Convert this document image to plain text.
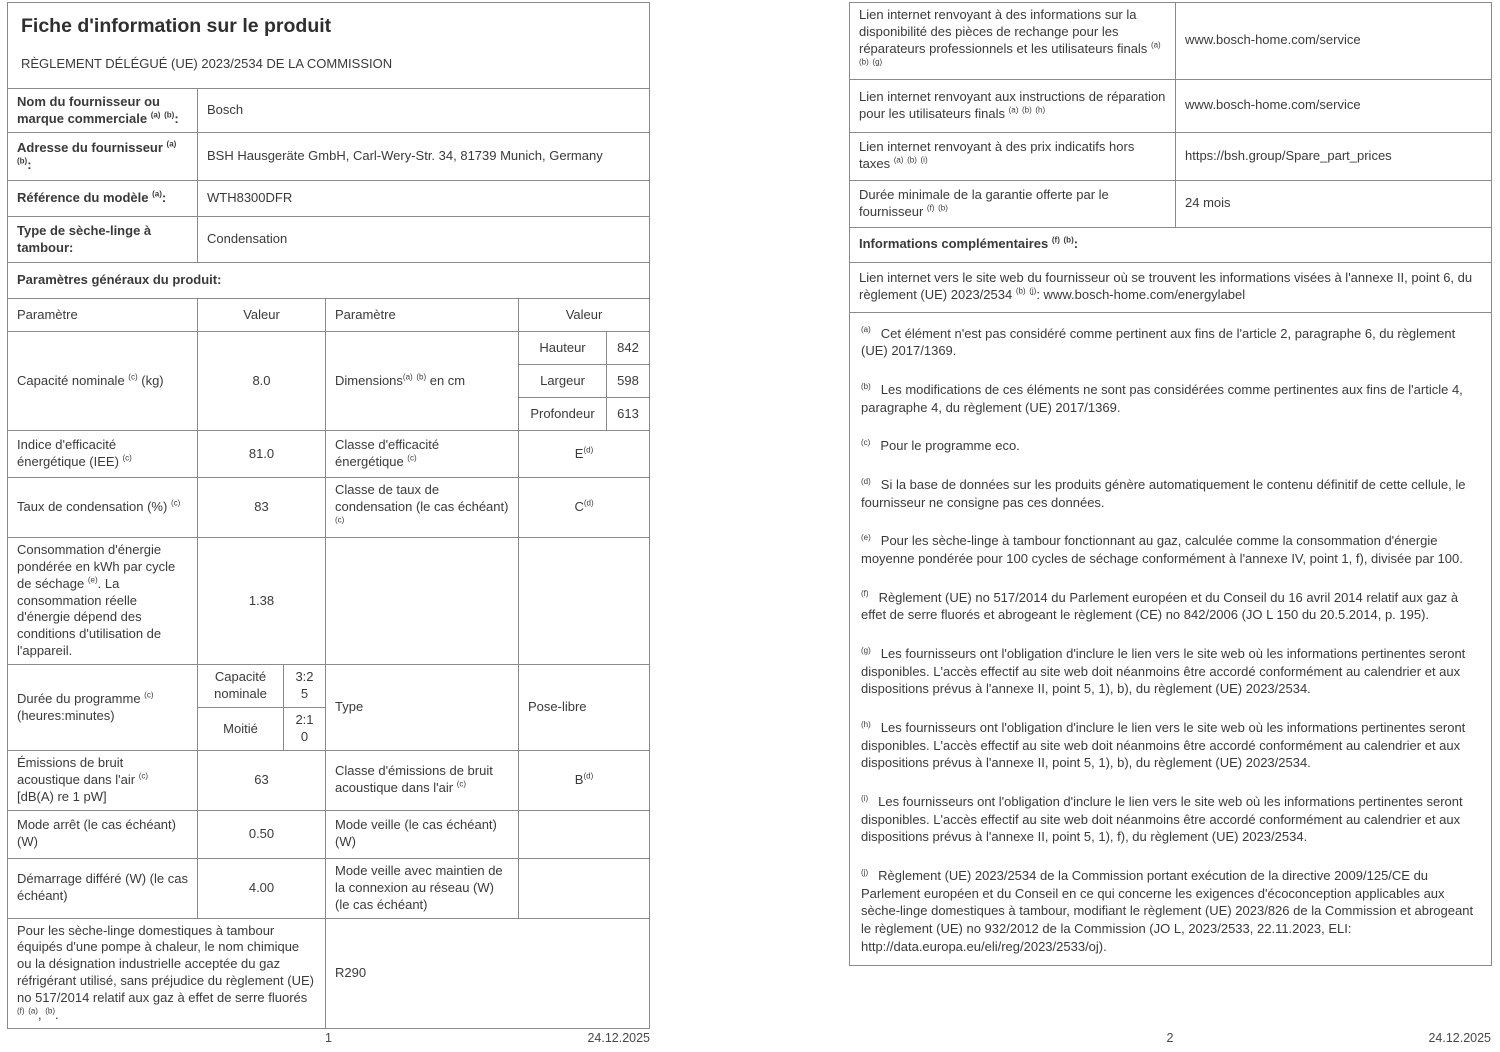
Fiche d'information sur le produit
RÈGLEMENT DÉLÉGUÉ (UE) 2023/2534 DE LA COMMISSION

Nom du fournisseur ou marque commerciale $^{(a)}$ $^{(b)}$:	Bosch				
Adresse du fournisseur $^{(a)}$ $^{(b)}$:	BSH Hausgeräte GmbH, Carl-Wery-Str. 34, 81739 Munich, Germany				
Référence du modèle $^{(a)}$:	WTH8300DFR				
Type de sèche-linge à tambour:	Condensation				
Paramètres généraux du produit:					
Paramètre	Valeur		Paramètre	Valeur	
Capacité nominale $^{(c)}$ (kg)	8.0		Dimensions$^{(a)}$ $^{(b)}$ en cm	Hauteur	842
				Largeur	598
				Profondeur	613
Indice d'efficacité énergétique (IEE) $^{(c)}$	81.0		Classe d'efficacité énergétique $^{(c)}$	$E^{(d)}$
Taux de condensation (%) $^{(c)}$	83		Classe de taux de condensation (le cas échéant) $^{(c)}$	$C^{(d)}$
Consommation d'énergie pondérée en kWh par cycle de séchage $^{(e)}$. La consommation réelle d'énergie dépend des conditions d'utilisation de l'appareil.	1.38				
Durée du programme $^{(c)}$ (heures:minutes)	Capacité nominale	3:25	Type	Pose-libre	
	Moitié	2:10			
Émissions de bruit acoustique dans l'air $^{(c)}$ [dB(A) re 1 pW]	63		Classe d'émissions de bruit acoustique dans l'air $^{(c)}$	$B^{(d)}$
Mode arrêt (le cas échéant) (W)	0.50		Mode veille (le cas échéant) (W)		
Démarrage différé (W) (le cas échéant)	4.00		Mode veille avec maintien de la connexion au réseau (W) (le cas échéant)		
Pour les sèche-linge domestiques à tambour équipés d'une pompe à chaleur, le nom chimique ou la désignation industrielle acceptée du gaz réfrigérant utilisé, sans préjudice du règlement (UE) no 517/2014 relatif aux gaz à effet de serre fluorés $^{(f)}$ $^{(a)}$, $^{(b)}$.			R290		
Lien internet renvoyant à des informations sur la disponibilité des pièces de rechange pour les réparateurs professionnels et les utilisateurs finals $^{(a)}$ $^{(b)}$ $^{(g)}$	www.bosch-home.com/service
Lien internet renvoyant aux instructions de réparation pour les utilisateurs finals $^{(a)}$ $^{(b)}$ $^{(h)}$	www.bosch-home.com/service
Lien internet renvoyant à des prix indicatifs hors taxes $^{(a)}$ $^{(b)}$ $^{(i)}$	https://bsh.group/Spare_part_prices
Durée minimale de la garantie offerte par le fournisseur $^{(f)}$ $^{(b)}$	24 mois
Informations complémentaires $^{(f)}$ $^{(b)}$:	
Lien internet vers le site web du fournisseur où se trouvent les informations visées à l'annexe II, point 6, du règlement (UE) 2023/2534 $^{(b)}$ $^{(j)}$: www.bosch-home.com/energylabel	

$^{(a)}$ Cet élément n'est pas considéré comme pertinent aux fins de l'article 2, paragraphe 6, du règlement (UE) 2017/1369.

$^{(b)}$ Les modifications de ces éléments ne sont pas considérées comme pertinentes aux fins de l'article 4, paragraphe 4, du règlement (UE) 2017/1369.

$^{(c)}$ Pour le programme eco.

$^{(d)}$ Si la base de données sur les produits génère automatiquement le contenu définitif de cette cellule, le fournisseur ne consigne pas ces données.

$^{(e)}$ Pour les sèche-linge à tambour fonctionnant au gaz, calculée comme la consommation d'énergie moyenne pondérée pour 100 cycles de séchage conformément à l'annexe IV, point 1, f), divisée par 100.

$^{(f)}$ Règlement (UE) no 517/2014 du Parlement européen et du Conseil du 16 avril 2014 relatif aux gaz à effet de serre fluorés et abrogeant le règlement (CE) no 842/2006 (JO L 150 du 20.5.2014, p. 195).

$^{(g)}$ Les fournisseurs ont l'obligation d'inclure le lien vers le site web où les informations pertinentes seront disponibles. L'accès effectif au site web doit néanmoins être accordé conformément au calendrier et aux dispositions prévus à l'annexe II, point 5, 1), b), du règlement (UE) 2023/2534.

$^{(h)}$ Les fournisseurs ont l'obligation d'inclure le lien vers le site web où les informations pertinentes seront disponibles. L'accès effectif au site web doit néanmoins être accordé conformément au calendrier et aux dispositions prévus à l'annexe II, point 5, 1), b), du règlement (UE) 2023/2534.

$^{(i)}$ Les fournisseurs ont l'obligation d'inclure le lien vers le site web où les informations pertinentes seront disponibles. L'accès effectif au site web doit néanmoins être accordé conformément au calendrier et aux dispositions prévus à l'annexe II, point 5, 1), f), du règlement (UE) 2023/2534.

$^{(j)}$ Règlement (UE) 2023/2534 de la Commission portant exécution de la directive 2009/125/CE du Parlement européen et du Conseil en ce qui concerne les exigences d'écoconception applicables aux sèche-linge domestiques à tambour, modifiant le règlement (UE) 2023/826 de la Commission et abrogeant le règlement (UE) no 932/2012 de la Commission (JO L, 2023/2533, 22.11.2023, ELI: http://data.europa.eu/eli/reg/2023/2533/oj).

1	24.12.2025	2	24.12.2025
